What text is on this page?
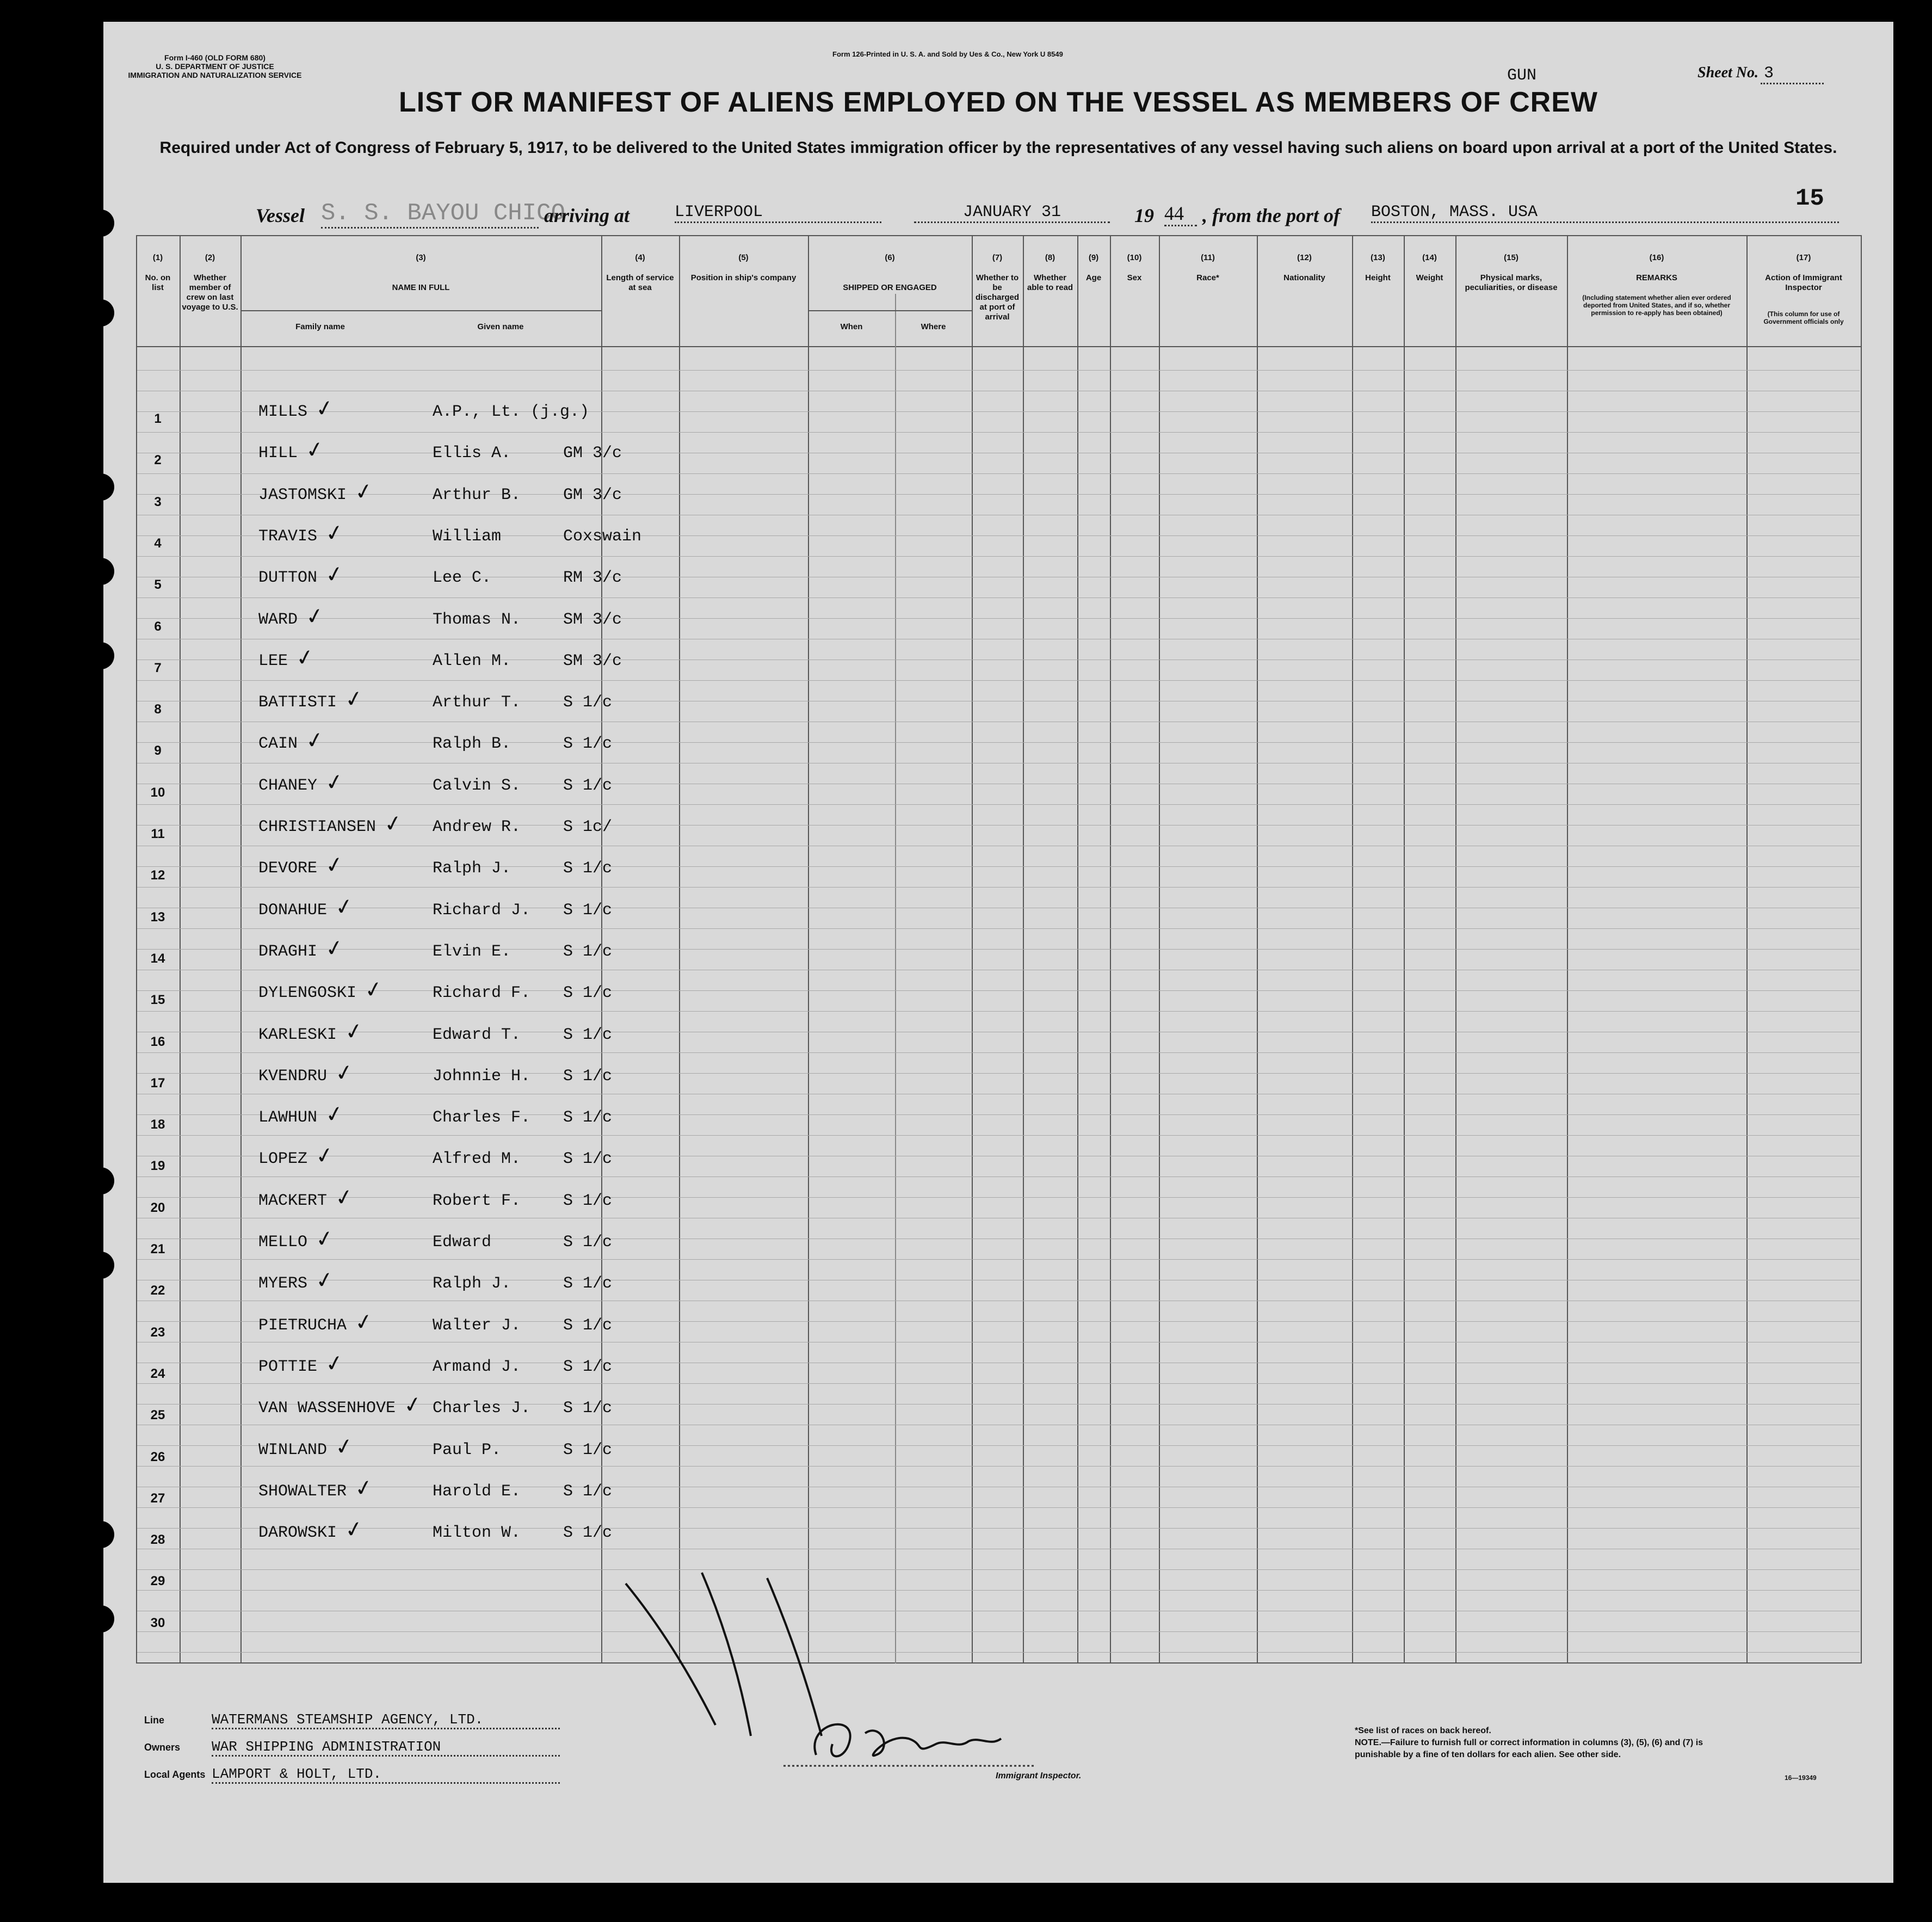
Form I-460 (OLD FORM 680)
U. S. DEPARTMENT OF JUSTICE
IMMIGRATION AND NATURALIZATION SERVICE
Form 126-Printed in U. S. A. and Sold by Ues & Co., New York U 8549
Sheet No. 3
GUN
LIST OR MANIFEST OF ALIENS EMPLOYED ON THE VESSEL AS MEMBERS OF CREW
Required under Act of Congress of February 5, 1917, to be delivered to the United States immigration officer by the representatives of any vessel having such aliens on board upon arrival at a port of the United States.
15
Vessel S. S. BAYOU CHICO
arriving at	LIVERPOOL	JANUARY 31	19 44 , from the port of BOSTON, MASS. USA
(1)
No. on list
(2)
Whether member of crew on last voyage to U.S.
(3)
NAME IN FULL
Family name	Given name
(4)
Length of service at sea
(5)
Position in ship's company
(6)
SHIPPED OR ENGAGED
When	Where
(7)
Whether to be discharged at port of arrival
(8)
Whether able to read
(9)
Age
(10)
Sex
(11)
Race*
(12)
Nationality
(13)
Height
(14)
Weight
(15)
Physical marks, peculiarities, or disease
(16)
REMARKS
(Including statement whether alien ever ordered deported from United States, and if so, whether permission to re-apply has been obtained)
(17)
Action of Immigrant Inspector
(This column for use of Government officials only
1	MILLS ✓	A.P., Lt. (j.g.)
2	HILL ✓	Ellis A.	GM 3/c
3	JASTOMSKI ✓	Arthur B.	GM 3/c
4	TRAVIS ✓	William	Coxswain
5	DUTTON ✓	Lee C.	RM 3/c
6	WARD ✓	Thomas N.	SM 3/c
7	LEE ✓	Allen M.	SM 3/c
8	BATTISTI ✓	Arthur T.	S 1/c
9	CAIN ✓	Ralph B.	S 1/c
10	CHANEY ✓	Calvin S.	S 1/c
11	CHRISTIANSEN ✓ Andrew R.	S 1c/
12	DEVORE ✓	Ralph J.	S 1/c
13	DONAHUE ✓	Richard J. S 1/c
14	DRAGHI ✓	Elvin E.	S 1/c
15	DYLENGOSKI ✓	Richard F. S 1/c
16	KARLESKI ✓	Edward T.	S 1/c
17	KVENDRU ✓	Johnnie H. S 1/c
18	LAWHUN ✓	Charles F. S 1/c
19	LOPEZ ✓	Alfred M.	S 1/c
20	MACKERT ✓	Robert F.	S 1/c
21	MELLO ✓	Edward	S 1/c
22	MYERS ✓	Ralph J.	S 1/c
23	PIETRUCHA ✓	Walter J.	S 1/c
24	POTTIE ✓	Armand J.	S 1/c
25	VAN WASSENHOVE ✓ Charles J. S 1/c
26	WINLAND ✓	Paul P.	S 1/c
27	SHOWALTER ✓	Harold E.	S 1/c
28	DAROWSKI ✓	Milton W.	S 1/c
29
30
Line	WATERMANS STEAMSHIP AGENCY, LTD.
Owners WAR SHIPPING ADMINISTRATION
Local Agents LAMPORT & HOLT, LTD.	Immigrant Inspector.
*See list of races on back hereof.
NOTE.—Failure to furnish full or correct information in columns (3), (5), (6) and (7) is punishable by a fine of ten dollars for each alien. See other side.
16—19349
